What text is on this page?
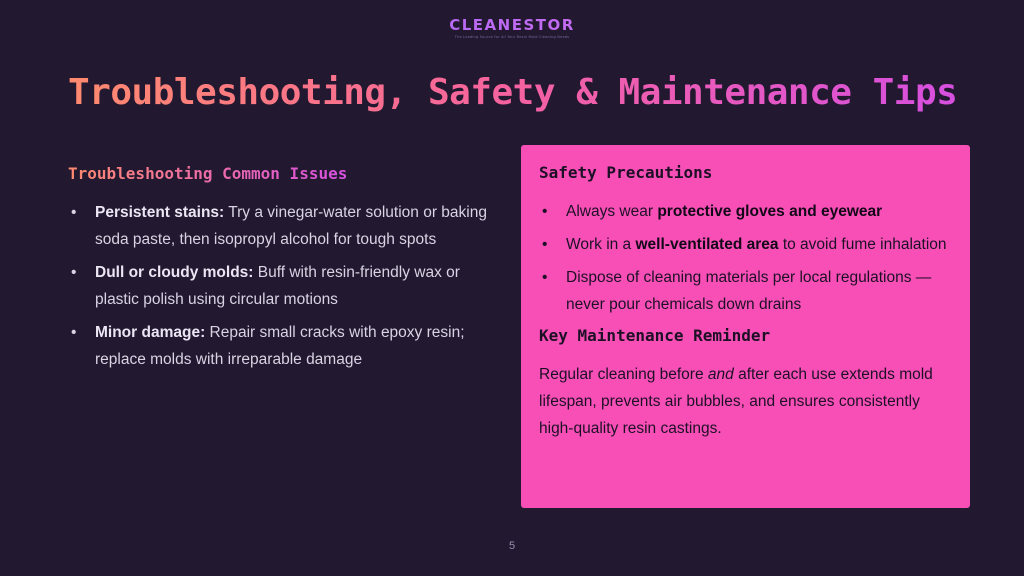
CLEANESTOR
The Leading Source for All Your Resin Mold Cleaning Needs
Troubleshooting, Safety & Maintenance Tips
Troubleshooting Common Issues
• Persistent stains: Try a vinegar-water solution or baking soda paste, then isopropyl alcohol for tough spots
• Dull or cloudy molds: Buff with resin-friendly wax or plastic polish using circular motions
• Minor damage: Repair small cracks with epoxy resin; replace molds with irreparable damage
Safety Precautions
• Always wear protective gloves and eyewear
• Work in a well-ventilated area to avoid fume inhalation
• Dispose of cleaning materials per local regulations — never pour chemicals down drains
Key Maintenance Reminder

Regular cleaning before and after each use extends mold lifespan, prevents air bubbles, and ensures consistently high-quality resin castings.

5
